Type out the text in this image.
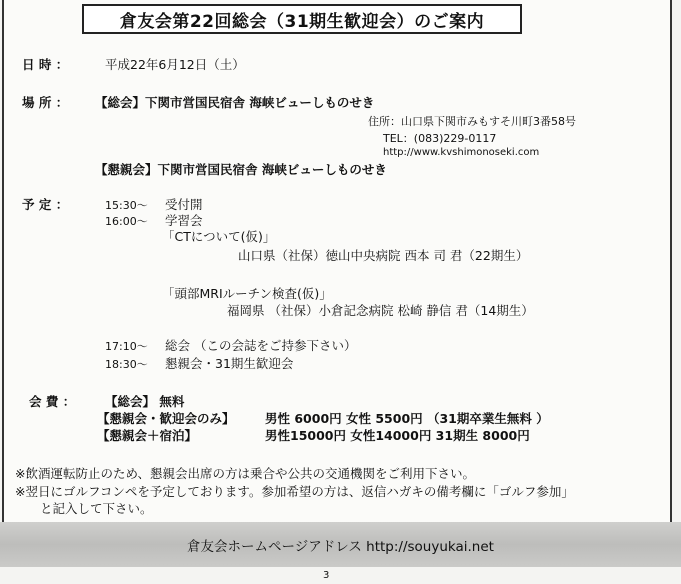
倉友会第22回総会（31期生歓迎会）のご案内
日 時 ：	平成22年6月12日（土）
場 所 ： 【総会】下関市営国民宿舎 海峡ビューしものせき
住所：山口県下関市みもすそ川町3番58号
TEL：(083)229-0117
http://www.kvshimonoseki.com
【懇親会】下関市営国民宿舎 海峡ビューしものせき
予 定 ：	15:30～ 受付開
16:00～ 学習会
「CTについて(仮)」
山口県（社保）徳山中央病院 西本 司 君（22期生）
「頭部MRIルーチン検査(仮)」
福岡県 （社保）小倉記念病院 松崎 静信 君（14期生）
17:10～ 総会 （この会誌をご持参下さい）
18:30～ 懇親会・31期生歓迎会
会 費 ： 【総会】 無料
【懇親会・歓迎会のみ】 男性 6000円 女性 5500円 （31期卒業生無料 ）
【懇親会＋宿泊】	男性15000円 女性14000円 31期生 8000円
※飲酒運転防止のため、懇親会出席の方は乗合や公共の交通機関をご利用下さい。
※翌日にゴルフコンペを予定しております。参加希望の方は、返信ハガキの備考欄に「ゴルフ参加」
と記入して下さい。
倉友会ホームページアドレス http://souyukai.net
3
